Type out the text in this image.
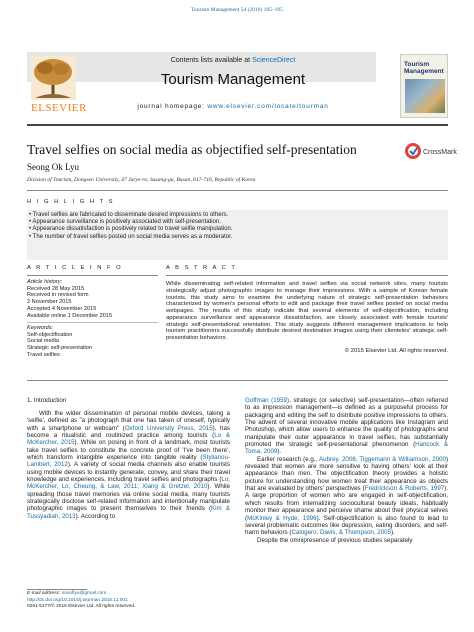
Tourism Management 54 (2016) 185–195
ELSEVIER
Contents lists available at ScienceDirect
Tourism Management
journal homepage: www.elsevier.com/locate/tourman
Tourism Management
Travel selfies on social media as objectified self-presentation	CrossMark
Seong Ok Lyu
Division of Tourism, Dongseo University, 47 Jurye-ro, Sasang-gu, Busan, 617-716, Republic of Korea
H I G H L I G H T S
• Travel selfies are fabricated to disseminate desired impressions to others.
• Appearance surveillance is positively associated with self-presentation.
• Appearance dissatisfaction is positively related to travel selfie manipulation.
• The number of travel selfies posted on social media serves as a moderator.
A R T I C L E I N F O	A B S T R A C T
Article history:
Received 28 May 2015
Received in revised form
2 November 2015
Accepted 4 November 2015
Available online 1 December 2015
Keywords:
Self-objectification
Social media
Strategic self-presentation
Travel selfies
While disseminating self-related information and travel selfies via social network sites, many tourists strategically adjust photographic images to manage their impressions. With a sample of Korean female tourists, this study aims to examine the underlying nature of strategic self-presentation behaviors characterized by women's personal efforts to edit and package their travel selfies posted on social media webpages. The results of this study indicate that several elements of self-objectification, including appearance surveillance and appearance dissatisfaction, are closely associated with female tourists' strategic self-presentational orientation. This study suggests different management implications to help tourism practitioners successfully distribute desired destination images using their clienteles' strategic self-presentation behaviors.
© 2015 Elsevier Ltd. All rights reserved.
1. Introduction
With the wider dissemination of personal mobile devices, taking a 'selfie', defined as "a photograph that one has taken of oneself, typically with a smartphone or webcam" (Oxford University Press, 2015), has become a ritualistic and routinized practice among tourists (Lo & McKercher, 2015). While on posing in front of a landmark, most tourists take travel selfies to constitute the concrete proof of 'I've been there', which transform intangible experience into tangible reality (Stylianou-Lambert, 2012). A variety of social media channels also enable tourists using mobile devices to instantly generate, convey, and share their travel knowledge and experiences, including travel selfies and photographs (Lo, McKercher, Lo, Cheung, & Law, 2011; Xiang & Gretzel, 2010). While spreading those travel memories via online social media, many tourists strategically disclose self-related information and intentionally manipulate photographic images to present themselves to their friends (Kim & Tussyadiah, 2013). According to
Goffman (1959), strategic (or selective) self-presentation—often referred to as impression management—is defined as a purposeful process for packaging and editing the self to distribute positive impressions to others. The advent of several innovative mobile applications like Instagram and Photoshop, which allow users to enhance the quality of photographs and manipulate their outer appearance in travel selfies, has substantially promoted the strategic self-presentational phenomenon (Hancock & Toma, 2009).
Earlier research (e.g., Aubrey, 2006; Tiggemann & Williamson, 2000) revealed that women are more sensitive to having others' look at their appearance than men. The objectification theory provides a holistic picture for understanding how women treat their appearance as objects that are evaluated by others' perspectives (Fredrickson & Roberts, 1997). A large proportion of women who are engaged in self-objectification, which results from internalizing sociocultural beauty ideals, habitually monitor their appearance and perceive shame about their physical selves (McKinley & Hyde, 1996). Self-objectification is also found to lead to several problematic outcomes like depression, eating disorders, and self-harm behaviors (Calogero, Davis, & Thompson, 2005).
Despite the omnipresence of previous studies separately
E-mail address: sonoflyu@gmail.com
http://dx.doi.org/10.1016/j.tourman.2015.11.001
0261-5177/© 2015 Elsevier Ltd. All rights reserved.
